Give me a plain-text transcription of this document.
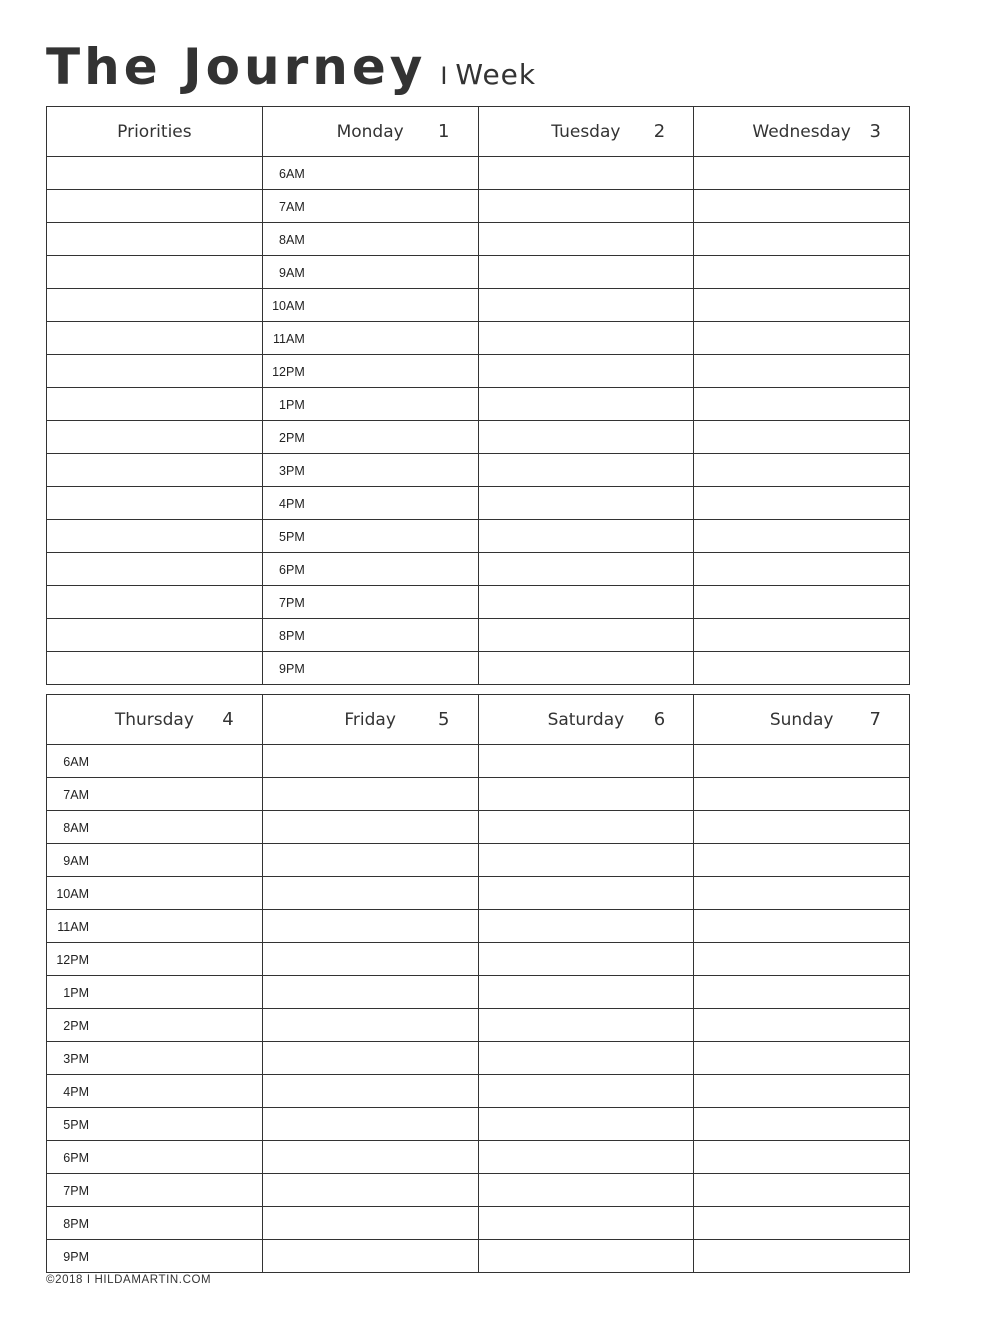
The Journey I Week
Priorities	Monday 1	Tuesday 2	Wednesday 3

	6AM		
	7AM		
	8AM		
	9AM		
	10AM		
	11AM		
	12PM		
	1PM		
	2PM		
	3PM		
	4PM		
	5PM		
	6PM		
	7PM		
	8PM		
	9PM		
Thursday 4	Friday 5	Saturday 6	Sunday 7

6AM			
7AM			
8AM			
9AM			
10AM			
11AM			
12PM			
1PM			
2PM			
3PM			
4PM			
5PM			
6PM			
7PM			
8PM			
9PM			
©2018 I HILDAMARTIN.COM
